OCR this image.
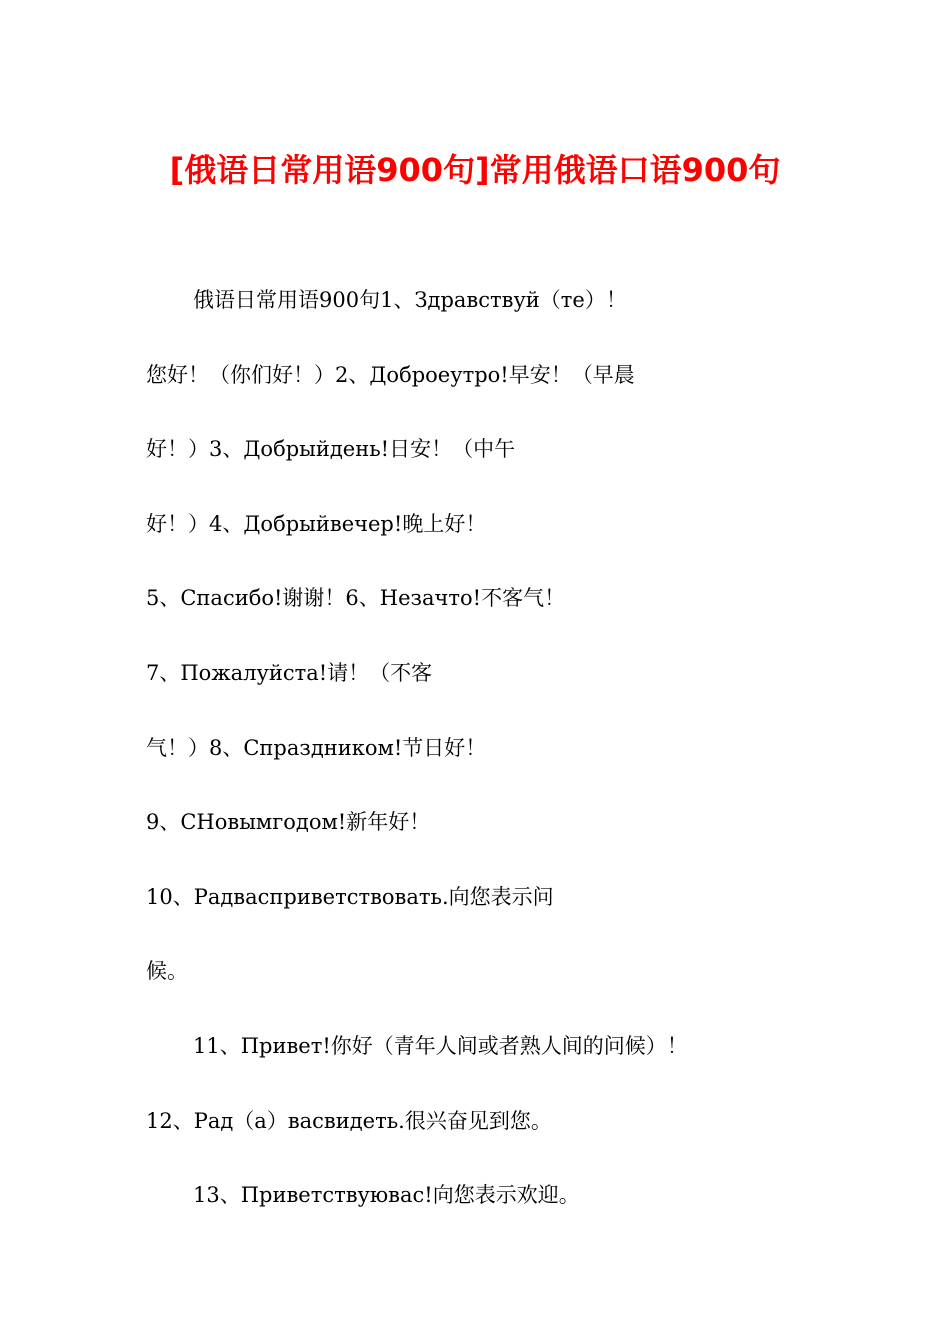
[俄语日常用语900句]常用俄语口语900句
俄语日常用语900句1、Здравствуй（те）！
您好！（你们好！）2、Доброеутро!早安！（早晨
好！）3、Добрыйдень!日安！（中午
好！）4、Добрыйвечер!晚上好！
5、Спасибо!谢谢！6、Незачто!不客气！
7、Пожалуйста!请！（不客
气！）8、Спраздником!节日好！
9、СНовымгодом!新年好！
10、Радвасприветствовать.向您表示问
候。
11、Привет!你好（青年人间或者熟人间的问候）！
12、Рад（а）васвидеть.很兴奋见到您。
13、Приветствуювас!向您表示欢迎。
